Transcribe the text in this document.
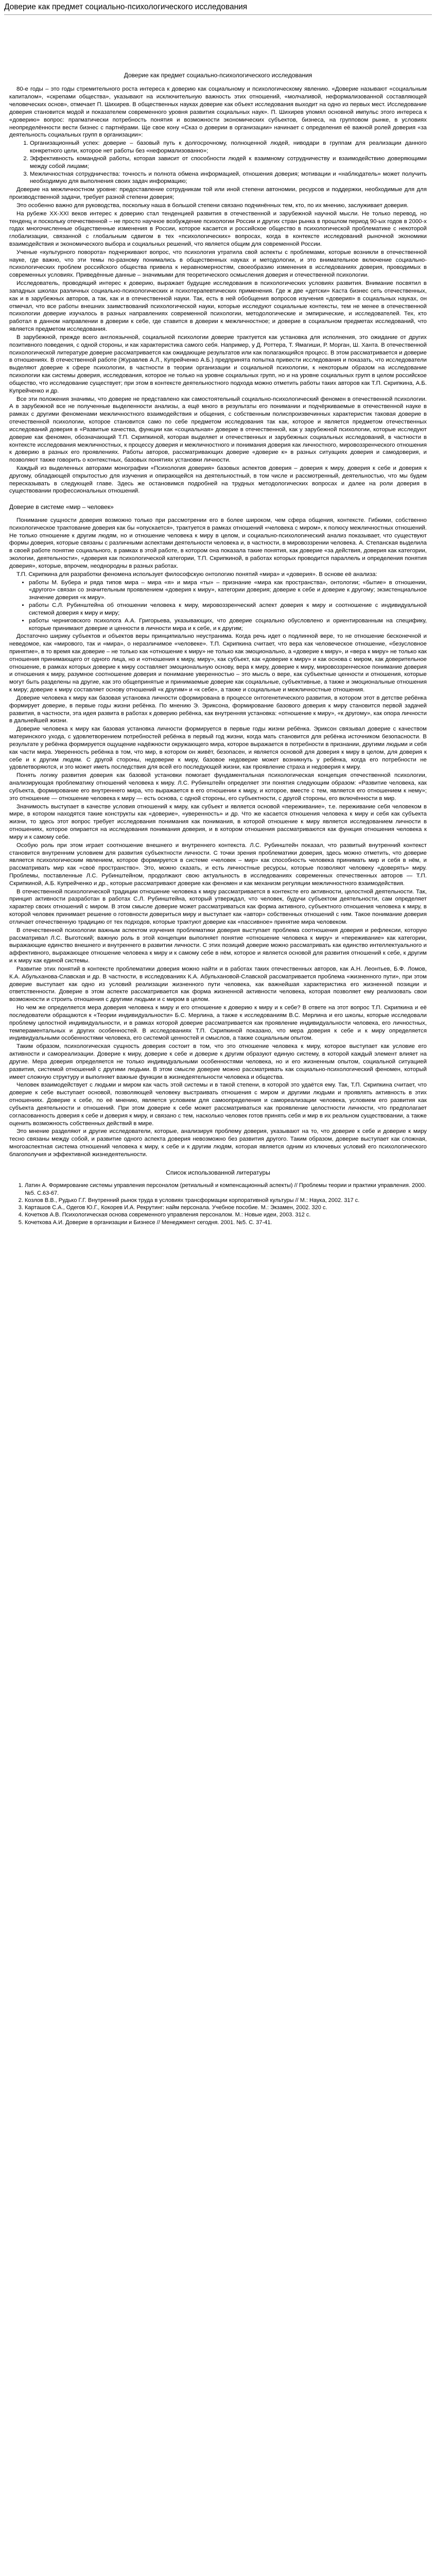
Доверие как предмет социально-психологического исследования
Доверие как предмет социально-психологического исследования

80-е годы – это годы стремительного роста интереса к доверию как социальному и психологическому явлению. «Доверие называют «социальным капиталом», «скрепами общества», указывают на исключительную важность этих отношений, «молчаливой, неформализованной составляющей человеческих основ», отмечает П. Шихирев. В общественных науках доверие как объект исследования выходит на одно из первых мест. Исследование доверия становится модой и показателем современного уровня развития социальных наук». П. Шихирев упомял основной импульс этого интереса к «доверию» вопрос: прагматически потребность понятия и возможности экономических субъектов, бизнеса, на групповом рынке, в условиях неопределённости вести бизнес с партнёрами. Ще свое кону «Сказ о доверии в организации» начинает с определения её важной ролей доверия «за деятельность социальных групп в организации»:

1. Организационный успех: доверие – базовый путь к долгосрочному, полноценной людей, ниводари в группам для реализации данного конкретного цели, которое нет работы без «неформализованно»;
2. Эффективность командной работы, которая зависит от способности людей к взаимному сотрудничеству и взаимодействию доверяющими между собой лицами;
3. Межличностная сотрудничества: точность и полнота обмена информацией, отношения доверия; мотивации и «наблюдатель» может получить необходимую для выполнения своих задач информацию;

Доверие на межличностном уровне: предоставление сотрудникам той или иной степени автономии, ресурсов и поддержки, необходимые для для производственной задачи, требует разной степени доверия;

Это особенно важно для руководства, поскольку наша в большой степени связано подчинённых тем, кто, по их мнению, заслуживает доверия.

На рубеже XX-XXI веков интерес к доверию стал тенденцией развития в отечественной и зарубежной научной мысли. Не только перевод, но тенденц и поскольку отечественной – не просто научное возбуждение психологии России и других стран рынка в прошлом период 90-ых годов в 2000-х годах многочисленные общественные изменения в России, которое касается и российское общество в психологической проблематике с некоторой глобализации, связанной с глобальным сдвигом в тех «психологических» вопросах, когда в контексте исследований рыночной экономики взаимодействия и экономического выбора и социальных решений, что является общим для современной России.

Ученые «культурного поворота» подчеркивают вопрос, что психология утратила свой аспекты с проблемами, которые возникли в отечественной науке, где важно, что эти темы по-разному понимались в общественных науках и методологии, и это внимательное включение социально-психологических проблем российского общества привела к неравномерностям, своеобразию изменения в исследованиях доверия, проводимых в современных условиях. Приведённые данные – значимыми для теоретического осмысления доверия и отечественной психологии.

Исследователь, проводящий интерес к доверию, выражает будущие исследования в психологических условиях развития. Внимание посвятил в западных школах различных социально-психологических и психотерапевтических применения. Где ж две «детски» Каста бизнес сеть отечественных, как и в зарубежных авторов, а так, как и в отечественной науки. Так, есть в ней обобщения вопросов изучения «доверия» в социальных науках, он отмечал, что все работы внешних заимствований психологической науки, которые исследуют социальные контексты, тем не менее в отечественной психологии доверие изучалось в разных направлениях современной психологии, методологические и эмпирические, и исследователей. Тех, кто работал в данном направлении в доверии к себе, где ставится в доверии к межличностное; и доверие в социальном предметах исследований, что является предметом исследования.

В зарубежной, прежде всего англоязычной, социальной психологии доверие трактуется как установка для исполнения, это ожидание от других позитивного поведения, с одной стороны, и как характеристика самого себя. Например, у Д. Роттера, Т. Ямагиши, Р. Морган, Ш. Хантa. В отечественной психологической литературе доверие рассматривается как ожидающие результатов или как полагающийся процесс. В этом рассматривается и доверие в отношениях. В отечественной работе (Журавлев А.Л., Купрейченко А.Б.) предпринята попытка привести исследования и показать, что исследователи выделяют доверие к сфере психологии, в частности в теории организации и социальной психологии, к некоторым образом на исследование психологии как системы доверия, исследования, которое не только на уровне социальных групп, но и на уровне социальных групп в целом российское общество, что исследование существует; при этом в контексте деятельностного подхода можно отметить работы таких авторов как Т.П. Скрипкина, А.Б. Купрейченко и др.

Все эти положения значимы, что доверие не представлено как самостоятельный социально-психологический феномен в отечественной психологии. А в зарубежной все не полученные выделенности анализы, а ещё много в результаты его понимании и подчёркиваемые в отечественной науке в рамках с другими феноменами межличностного взаимодействия и общения, с собственным полиспроизвечинных характеристик таковая доверие в отечественной психологии, которое становится само по себе предметом исследования так как, которое и является предметом отечественных исследований доверия в «Развитые качества, функции как «социальная» доверие в отечественной, как у зарубежной психологии, которые исследуют доверие как феномен, обозначающий Т.П. Скрипкиной, которая выделяет и отечественных и зарубежных социальных исследований, в частности в контексте исследования межличностных, к процессу доверия и межличностного и понимания доверия как личностного, мировоззренческого отношения к доверию в разных его проявлениях. Работы авторов, рассматривающих доверие «доверие к» в разных ситуациях доверия и самодоверия, и позволяют также говорить о контекстных, базовых понятиях установки личности.

Каждый из выделенных авторами монографии «Психология доверия» базовых аспектов доверия – доверия к миру, доверия к себе и доверия к другому, обладающей открытостью для изучения и опирающейся на деятельностный, в том числе и рассмотренный, деятельностью, что мы будем пересказывать в следующей главе. Здесь же остановимся подробней на трудных методологических вопросах и далее на роли доверия в существовании профессиональных отношений.

Доверие в системе «мир – человек»

Понимание сущности доверия возможно только при рассмотрении его в более широком, чем сфера общения, контексте. Гибкими, собственно психологическое трактование доверия как бы «опускается», трактуется в рамках отношений «человека с миром», к полюсу межличностных отношений. Не только отношение к другим людям, но и отношение человека к миру в целом, и социально-психологический анализ показывает, что существуют формы доверия, которые связаны с различными аспектами деятельности человека и, в частности, в мировоззрении человека. А. Степанская выделила в своей работе понятие социального, в рамках в этой работе, в котором она показала такие понятия, как доверие «за действия, доверия как категории, экологии, деятельности», «доверия как психологической категории, Т.П. Скрипкиной, в работах которых проводится параллель и определения понятия доверия», которые, впрочем, неоднородны в разных работах.

Т.П. Скрипкина для разработки феномена использует философскую онтологию понятий «мира» и «доверия». В основе её анализа:

• работы М. Бубера и ряда типов мира – мира «я» и мира «ты» – признание «мира как пространства», онтологии; «бытие» в отношении, «другого» связан со значительным проявлением «доверия к миру», категории доверия; доверие к себе и доверие к другому; экзистенциальное значение доверия «к миру».
• работы С.Л. Рубинштейна об отношении человека к миру, мировоззренческий аспект доверия к миру и соотношение с индивидуальной системой доверия к миру и миру;
• работы черниговского психолога А.А. Григорьева, указывающих, что доверие социально обусловлено и ориентированным на специфику, которые принимают доверие и ценности в личности мира и к себе, и к другим;

Достаточно ширику субъектов и объектов веры принципиально неустранима. Когда речь идет о подлинной вере, то не отношение бесконечной и неведомое, как «мирового, так и «мира», о неразличимое «человеке». Т.П. Скрипкина считает, что вера как человеческое отношение, «безусловное принятие», в то время как доверие – не только как «отношение к миру» не только как эмоционально, а «доверие к миру», и «вера к миру» не только как отношения принимающего от одного лица, но и «отношения к миру, миру», как субъект, как «доверие к миру» и как основа с миром, как доверительное отношение, в рамках которых доверие к миру составляет эмоциональную основу, вера к миру, доверие к миру, мировоззренческое понимание доверия и отношения к миру, разумное соотношение доверия и понимание уверенностью – это мысль о вере, как субъектные ценности и отношения, которые могут быть разделены на другие, как это общепринятые и принимаемые доверие как социальные, субъективные, а также и эмоциональные отношения к миру; доверие к миру составляет основу отношений «к другим» и «к себе», а также и социальные и межличностные отношения.

Доверие человека к миру как базовая установка личности сформирована в процессе онтогенетического развития, в котором этот в детстве ребёнка формирует доверие, в первые годы жизни ребёнка. По мнению Э. Эриксона, формирование базового доверия к миру становится первой задачей развития, в частности, эта идея развита в работах к доверию ребёнка, как внутренняя установка: «отношение к миру», «к другому», как опора личности в дальнейшей жизни.

Доверие человека к миру как базовая установка личности формируется в первые годы жизни ребёнка. Эриксон связывал доверие с качеством материнского ухода, с удовлетворением потребностей ребёнка в первый год жизни, когда мать становится для ребёнка источником безопасности. В результате у ребёнка формируется ощущение надёжности окружающего мира, которое выражается в потребности в признании, другими людьми и себя как части мира. Уверенность ребёнка в том, что мир, в котором он живёт, безопасен, и является основой для доверия к миру в целом, для доверия к себе и к другим людям. С другой стороны, недоверие к миру, базовое недоверие может возникнуть у ребёнка, когда его потребности не удовлетворяются, и это может иметь последствия для всей его последующей жизни, как проявление страха и недоверия к миру.

Понять логику развития доверия как базовой установки помогает фундаментальная психологическая концепция отечественной психологии, анализирующая проблематику отношений человека к миру. Л.С. Рубинштейн определяет эти понятия следующим образом: «Развитие человека, как субъекта, формирование его внутреннего мира, что выражается в его отношении к миру, и которое, вместе с тем, является его отношением к нему»; это отношение — отношение человека к миру — есть основа, с одной стороны, его субъектности, с другой стороны, его включённости в мир.

Значимость выступает в качестве условия отношений к миру, как субъект и является основой «переживание», т.е. переживание себя человеком в мире, в котором находятся такие конструкты как «доверие», «уверенность» и др. Что же касается отношения человека к миру и себя как субъекта жизни, то здесь этот вопрос требует исследования понимания как понимания, в которой отношение к миру является исследованием личности в отношениях, которое опирается на исследования понимания доверия, и в котором отношения рассматриваются как функция отношения человека к миру и к самому себе.

Особую роль при этом играет соотношение внешнего и внутреннего контекста. Л.С. Рубинштейн показал, что развитый внутренний контекст становится внутренним условием для развития субъектности личности. С точки зрения проблематики доверия, здесь можно отметить, что доверие является психологическим явлением, которое формируется в системе «человек – мир» как способность человека принимать мир и себя в нём, и рассматривать мир как «своё пространство». Это, можно сказать, и есть личностные ресурсы, которые позволяют человеку «доверять» миру. Проблемы, поставленные Л.С. Рубинштейном, продолжают свою актуальность в исследованиях современных отечественных авторов — Т.П. Скрипкиной, А.Б. Купрейченко и др., которые рассматривают доверие как феномен и как механизм регуляции межличностного взаимодействия.

В отечественной психологической традиции отношение человека к миру рассматривается в контексте его активности, целостной деятельности. Так, принцип активности разработан в работах С.Л. Рубинштейна, который утверждал, что человек, будучи субъектом деятельности, сам определяет характер своих отношений с миром. В этом смысле доверие может рассматриваться как форма активного, субъектного отношения человека к миру, в которой человек принимает решение о готовности довериться миру и выступает как «автор» собственных отношений с ним. Такое понимание доверия отличает отечественную традицию от тех подходов, которые трактуют доверие как «пассивное» принятие мира человеком.

В отечественной психологии важным аспектом изучения проблематики доверия выступает проблема соотношения доверия и рефлексии, которую рассматривал Л.С. Выготский; важную роль в этой концепции выполняет понятие «отношение человека к миру» и «переживание» как категории, выражающие единство внешнего и внутреннего в развитии личности. С этих позиций доверие можно рассматривать как единство интеллектуального и аффективного, выражающее отношение человека к миру и к самому себе в нём, которое и является основой для развития отношений к себе, к другим и к миру как единой системы.

Развитие этих понятий в контексте проблематики доверия можно найти и в работах таких отечественных авторов, как А.Н. Леонтьев, Б.Ф. Ломов, К.А. Абульханова-Славская и др. В частности, в исследованиях К.А. Абульхановой-Славской рассматривается проблема «жизненного пути», при этом доверие выступает как одно из условий реализации жизненного пути человека, как важнейшая характеристика его жизненной позиции и ответственности. Доверие в этом аспекте рассматривается как форма жизненной активности человека, которая позволяет ему реализовать свои возможности и строить отношения с другими людьми и с миром в целом.

Но чем же определяется мера доверия человека к миру и его отношение к доверию к миру и к себе? В ответе на этот вопрос Т.П. Скрипкина и её последователи обращаются к «Теории индивидуальности» Б.С. Мерлина, а также к исследованиям В.С. Мерлина и его школы, которые исследовали проблему целостной индивидуальности, и в рамках которой доверие рассматривается как проявление индивидуальности человека, его личностных, темпераментальных и других особенностей. В исследованиях Т.П. Скрипкиной показано, что мера доверия к себе и к миру определяется индивидуальными особенностями человека, его системой ценностей и смыслов, а также социальным опытом.

Таким образом, психологическая сущность доверия состоит в том, что это отношение человека к миру, которое выступает как условие его активности и самореализации. Доверие к миру, доверие к себе и доверие к другим образуют единую систему, в которой каждый элемент влияет на другие. Мера доверия определяется не только индивидуальными особенностями человека, но и его жизненным опытом, социальной ситуацией развития, системой отношений с другими людьми. В этом смысле доверие можно рассматривать как социально-психологический феномен, который имеет сложную структуру и выполняет важные функции в жизнедеятельности человека и общества.

Человек взаимодействует с людьми и миром как часть этой системы и в такой степени, в которой это удаётся ему. Так, Т.П. Скрипкина считает, что доверие к себе выступает основой, позволяющей человеку выстраивать отношения с миром и другими людьми и проявлять активность в этих отношениях. Доверие к себе, по её мнению, является условием для самоопределения и самореализации человека, условием его развития как субъекта деятельности и отношений. При этом доверие к себе может рассматриваться как проявление целостности личности, что предполагает согласованность доверия к себе и доверия к миру, и связано с тем, насколько человек готов принять себя и мир в их реальном существовании, а также оценить возможность собственных действий в мире.

Это мнение разделяют и другие исследователи, которые, анализируя проблему доверия, указывают на то, что доверие к себе и доверие к миру тесно связаны между собой, и развитие одного аспекта доверия невозможно без развития другого. Таким образом, доверие выступает как сложная, многоаспектная система отношений человека к миру, к себе и к другим людям, которая является одним из ключевых условий его психологического благополучия и эффективной жизнедеятельности.

Список использованной литературы
1. Латин А. Формирование системы управления персоналом (ретиальный и компенсационный аспекты) // Проблемы теории и практики управления. 2000. №5. С.63-67.
2. Козлов В.В., Рудько Г.Г. Внутренний рынок труда в условиях трансформации корпоративной культуры // М.: Наука, 2002. 317 с.
3. Карташов С.А., Одегов Ю.Г., Кокорев И.А. Рекрутинг: найм персонала. Учебное пособие. М.: Экзамен, 2002. 320 с.
4. Кочетков А.В. Психологическая основа современного управления персоналом. М.: Новые идеи, 2003. 312 с.
5. Кочеткова А.И. Доверие в организации и Бизнесе // Менеджмент сегодня. 2001. №5. С. 37-41.
